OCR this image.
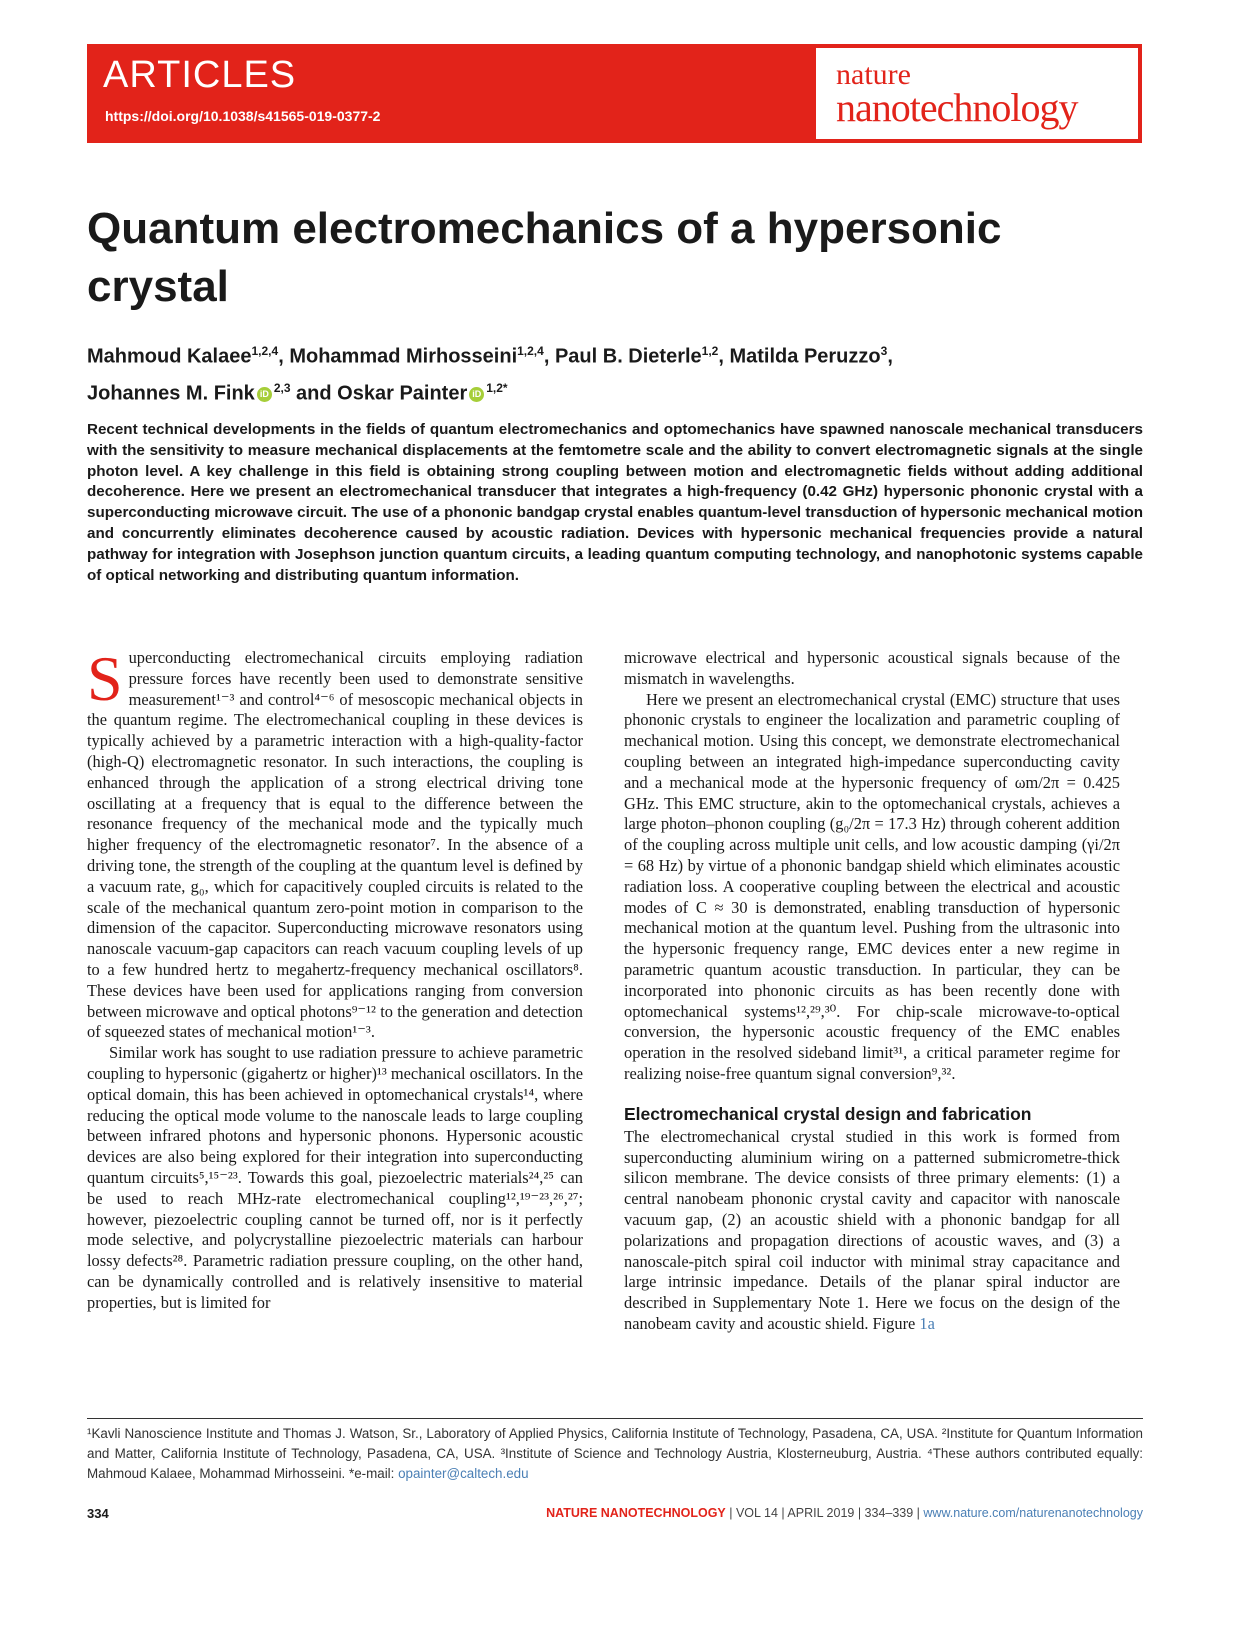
ARTICLES
https://doi.org/10.1038/s41565-019-0377-2
nature
nanotechnology
Quantum electromechanics of a hypersonic crystal
Mahmoud Kalaee$^{1,2,4}$, Mohammad Mirhosseini$^{1,2,4}$, Paul B. Dieterle$^{1,2}$, Matilda Peruzzo$^3$,
Johannes M. Fink iD $^{2,3}$ and Oskar Painter iD $^{1,2*}$
Recent technical developments in the fields of quantum electromechanics and optomechanics have spawned nanoscale mechanical transducers with the sensitivity to measure mechanical displacements at the femtometre scale and the ability to convert electromagnetic signals at the single photon level. A key challenge in this field is obtaining strong coupling between motion and electromagnetic fields without adding additional decoherence. Here we present an electromechanical transducer that integrates a high-frequency (0.42 GHz) hypersonic phononic crystal with a superconducting microwave circuit. The use of a phononic bandgap crystal enables quantum-level transduction of hypersonic mechanical motion and concurrently eliminates decoherence caused by acoustic radiation. Devices with hypersonic mechanical frequencies provide a natural pathway for integration with Josephson junction quantum circuits, a leading quantum computing technology, and nanophotonic systems capable of optical networking and distributing quantum information.

Superconducting electromechanical circuits employing radiation pressure forces have recently been used to demonstrate sensitive measurement¹⁻³ and control⁴⁻⁶ of mesoscopic mechanical objects in the quantum regime. The electromechanical coupling in these devices is typically achieved by a parametric interaction with a high-quality-factor (high-Q) electromagnetic resonator. In such interactions, the coupling is enhanced through the application of a strong electrical driving tone oscillating at a frequency that is equal to the difference between the resonance frequency of the mechanical mode and the typically much higher frequency of the electromagnetic resonator⁷. In the absence of a driving tone, the strength of the coupling at the quantum level is defined by a vacuum rate, g₀, which for capacitively coupled circuits is related to the scale of the mechanical quantum zero-point motion in comparison to the dimension of the capacitor. Superconducting microwave resonators using nanoscale vacuum-gap capacitors can reach vacuum coupling levels of up to a few hundred hertz to megahertz-frequency mechanical oscillators⁸. These devices have been used for applications ranging from conversion between microwave and optical photons⁹⁻¹² to the generation and detection of squeezed states of mechanical motion¹⁻³.

Similar work has sought to use radiation pressure to achieve parametric coupling to hypersonic (gigahertz or higher)¹³ mechanical oscillators. In the optical domain, this has been achieved in optomechanical crystals¹⁴, where reducing the optical mode volume to the nanoscale leads to large coupling between infrared photons and hypersonic phonons. Hypersonic acoustic devices are also being explored for their integration into superconducting quantum circuits⁵,¹⁵⁻²³. Towards this goal, piezoelectric materials²⁴,²⁵ can be used to reach MHz-rate electromechanical coupling¹²,¹⁹⁻²³,²⁶,²⁷; however, piezoelectric coupling cannot be turned off, nor is it perfectly mode selective, and polycrystalline piezoelectric materials can harbour lossy defects²⁸. Parametric radiation pressure coupling, on the other hand, can be dynamically controlled and is relatively insensitive to material properties, but is limited for

microwave electrical and hypersonic acoustical signals because of the mismatch in wavelengths.

Here we present an electromechanical crystal (EMC) structure that uses phononic crystals to engineer the localization and parametric coupling of mechanical motion. Using this concept, we demonstrate electromechanical coupling between an integrated high-impedance superconducting cavity and a mechanical mode at the hypersonic frequency of ωm/2π = 0.425 GHz. This EMC structure, akin to the optomechanical crystals, achieves a large photon–phonon coupling (g₀/2π = 17.3 Hz) through coherent addition of the coupling across multiple unit cells, and low acoustic damping (γi/2π = 68 Hz) by virtue of a phononic bandgap shield which eliminates acoustic radiation loss. A cooperative coupling between the electrical and acoustic modes of C ≈ 30 is demonstrated, enabling transduction of hypersonic mechanical motion at the quantum level. Pushing from the ultrasonic into the hypersonic frequency range, EMC devices enter a new regime in parametric quantum acoustic transduction. In particular, they can be incorporated into phononic circuits as has been recently done with optomechanical systems¹²,²⁹,³⁰. For chip-scale microwave-to-optical conversion, the hypersonic acoustic frequency of the EMC enables operation in the resolved sideband limit³¹, a critical parameter regime for realizing noise-free quantum signal conversion⁹,³².

Electromechanical crystal design and fabrication

The electromechanical crystal studied in this work is formed from superconducting aluminium wiring on a patterned submicrometre-thick silicon membrane. The device consists of three primary elements: (1) a central nanobeam phononic crystal cavity and capacitor with nanoscale vacuum gap, (2) an acoustic shield with a phononic bandgap for all polarizations and propagation directions of acoustic waves, and (3) a nanoscale-pitch spiral coil inductor with minimal stray capacitance and large intrinsic impedance. Details of the planar spiral inductor are described in Supplementary Note 1. Here we focus on the design of the nanobeam cavity and acoustic shield. Figure 1a

¹Kavli Nanoscience Institute and Thomas J. Watson, Sr., Laboratory of Applied Physics, California Institute of Technology, Pasadena, CA, USA. ²Institute for Quantum Information and Matter, California Institute of Technology, Pasadena, CA, USA. ³Institute of Science and Technology Austria, Klosterneuburg, Austria. ⁴These authors contributed equally: Mahmoud Kalaee, Mohammad Mirhosseini. *e-mail: opainter@caltech.edu
334	NATURE NANOTECHNOLOGY | VOL 14 | APRIL 2019 | 334–339 | www.nature.com/naturenanotechnology
